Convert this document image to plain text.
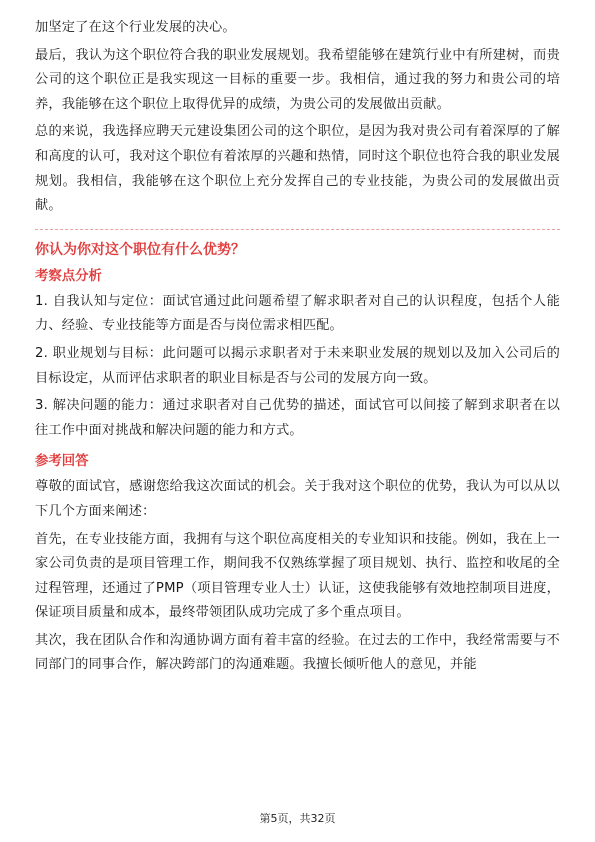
加坚定了在这个行业发展的决心。

最后，我认为这个职位符合我的职业发展规划。我希望能够在建筑行业中有所建树，而贵公司的这个职位正是我实现这一目标的重要一步。我相信，通过我的努力和贵公司的培养，我能够在这个职位上取得优异的成绩，为贵公司的发展做出贡献。

总的来说，我选择应聘天元建设集团公司的这个职位，是因为我对贵公司有着深厚的了解和高度的认可，我对这个职位有着浓厚的兴趣和热情，同时这个职位也符合我的职业发展规划。我相信，我能够在这个职位上充分发挥自己的专业技能，为贵公司的发展做出贡献。

你认为你对这个职位有什么优势？
考察点分析

1. 自我认知与定位：面试官通过此问题希望了解求职者对自己的认识程度，包括个人能力、经验、专业技能等方面是否与岗位需求相匹配。

2. 职业规划与目标：此问题可以揭示求职者对于未来职业发展的规划以及加入公司后的目标设定，从而评估求职者的职业目标是否与公司的发展方向一致。

3. 解决问题的能力：通过求职者对自己优势的描述，面试官可以间接了解到求职者在以往工作中面对挑战和解决问题的能力和方式。

参考回答

尊敬的面试官，感谢您给我这次面试的机会。关于我对这个职位的优势，我认为可以从以下几个方面来阐述：

首先，在专业技能方面，我拥有与这个职位高度相关的专业知识和技能。例如，我在上一家公司负责的是项目管理工作，期间我不仅熟练掌握了项目规划、执行、监控和收尾的全过程管理，还通过了PMP（项目管理专业人士）认证，这使我能够有效地控制项目进度，保证项目质量和成本，最终带领团队成功完成了多个重点项目。

其次，我在团队合作和沟通协调方面有着丰富的经验。在过去的工作中，我经常需要与不同部门的同事合作，解决跨部门的沟通难题。我擅长倾听他人的意见，并能

第5页，共32页
